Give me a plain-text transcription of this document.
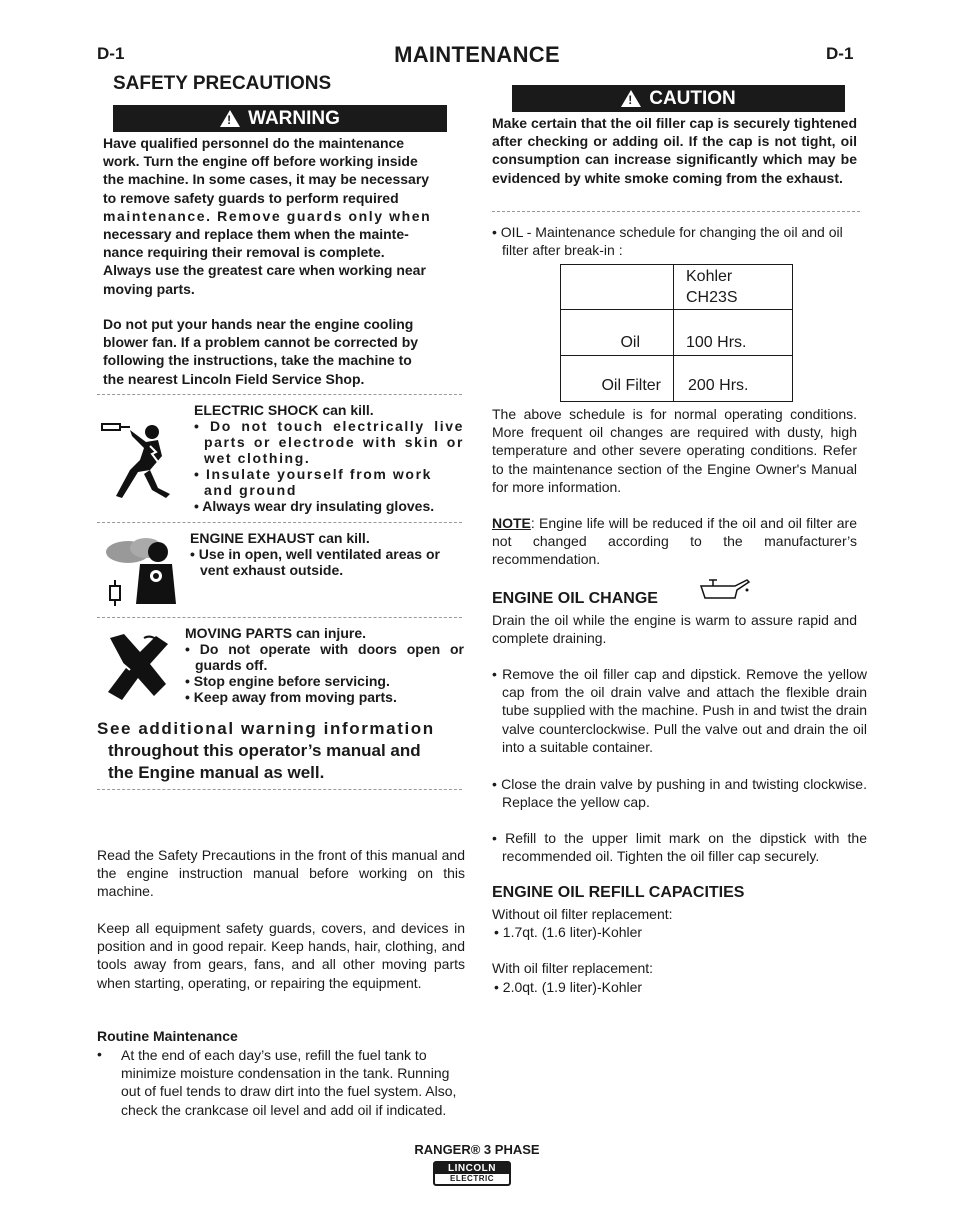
D-1	MAINTENANCE	D-1
SAFETY PRECAUTIONS
!
WARNING
Have qualified personnel do the maintenance
work. Turn the engine off before working inside
the machine. In some cases, it may be necessary
to remove safety guards to perform required
maintenance. Remove guards only when
necessary and replace them when the mainte-
nance requiring their removal is complete.
Always use the greatest care when working near
moving parts.
Do not put your hands near the engine cooling
blower fan. If a problem cannot be corrected by
following the instructions, take the machine to
the nearest Lincoln Field Service Shop.
ELECTRIC SHOCK can kill.
• Do not touch electrically live parts or electrode with skin or wet clothing.
• Insulate yourself from work and ground
• Always wear dry insulating gloves.
ENGINE EXHAUST can kill.
• Use in open, well ventilated areas or vent exhaust outside.
MOVING PARTS can injure.
• Do not operate with doors open or guards off.
• Stop engine before servicing.
• Keep away from moving parts.
See additional warning information
throughout this operator’s manual and
the Engine manual as well.
Read the Safety Precautions in the front of this manual and the engine instruction manual before working on this machine.
Keep all equipment safety guards, covers, and devices in position and in good repair. Keep hands, hair, clothing, and tools away from gears, fans, and all other moving parts when starting, operating, or repairing the equipment.
Routine Maintenance
• At the end of each day’s use, refill the fuel tank to minimize moisture condensation in the tank. Running out of fuel tends to draw dirt into the fuel system. Also, check the crankcase oil level and add oil if indicated.
!
CAUTION
Make certain that the oil filler cap is securely tightened after checking or adding oil. If the cap is not tight, oil consumption can increase significantly which may be evidenced by white smoke coming from the exhaust.
• OIL - Maintenance schedule for changing the oil and oil filter after break-in :

	Kohler
CH23S

Oil	100 Hrs.
Oil Filter	200 Hrs.
The above schedule is for normal operating conditions. More frequent oil changes are required with dusty, high temperature and other severe operating conditions. Refer to the maintenance section of the Engine Owner's Manual for more information.
NOTE: Engine life will be reduced if the oil and oil filter are not changed according to the manufacturer’s recommendation.
ENGINE OIL CHANGE
Drain the oil while the engine is warm to assure rapid and complete draining.
• Remove the oil filler cap and dipstick. Remove the yellow cap from the oil drain valve and attach the flexible drain tube supplied with the machine. Push in and twist the drain valve counterclockwise. Pull the valve out and drain the oil into a suitable container.
• Close the drain valve by pushing in and twisting clockwise. Replace the yellow cap.
• Refill to the upper limit mark on the dipstick with the recommended oil. Tighten the oil filler cap securely.
ENGINE OIL REFILL CAPACITIES
Without oil filter replacement:
• 1.7qt. (1.6 liter)-Kohler
With oil filter replacement:
• 2.0qt. (1.9 liter)-Kohler
RANGER® 3 PHASE
LINCOLN
ELECTRIC
